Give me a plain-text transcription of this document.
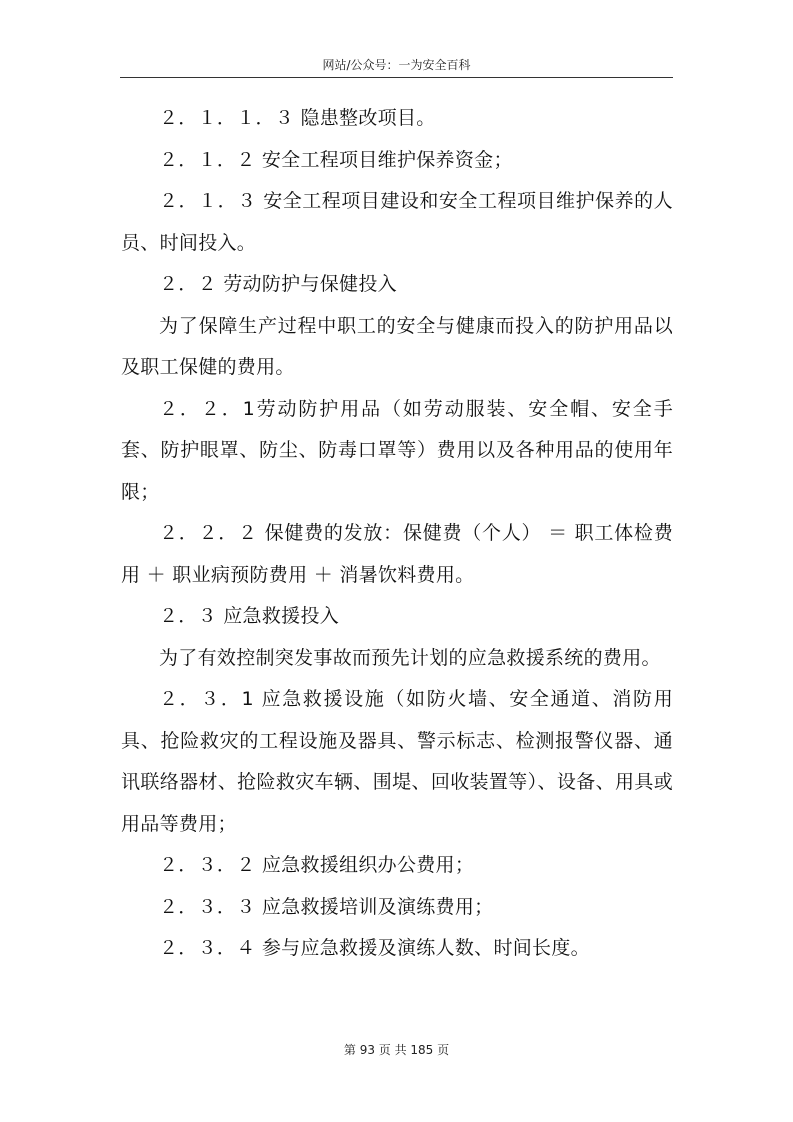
网站/公众号：一为安全百科

２．１．１．３ 隐患整改项目。

２．１．２ 安全工程项目维护保养资金；

２．１．３ 安全工程项目建设和安全工程项目维护保养的人员、时间投入。

２．２ 劳动防护与保健投入

为了保障生产过程中职工的安全与健康而投入的防护用品以及职工保健的费用。

２．２．1劳动防护用品（如劳动服装、安全帽、安全手套、防护眼罩、防尘、防毒口罩等）费用以及各种用品的使用年限；

２．２．２ 保健费的发放：保健费（个人） ＝ 职工体检费用 ＋ 职业病预防费用 ＋ 消暑饮料费用。

２．３ 应急救援投入

为了有效控制突发事故而预先计划的应急救援系统的费用。

２．３．1 应急救援设施（如防火墙、安全通道、消防用具、抢险救灾的工程设施及器具、警示标志、检测报警仪器、通讯联络器材、抢险救灾车辆、围堤、回收装置等）、设备、用具或用品等费用；

２．３．２ 应急救援组织办公费用；

２．３．３ 应急救援培训及演练费用；

２．３．４ 参与应急救援及演练人数、时间长度。

第 93 页 共 185 页
